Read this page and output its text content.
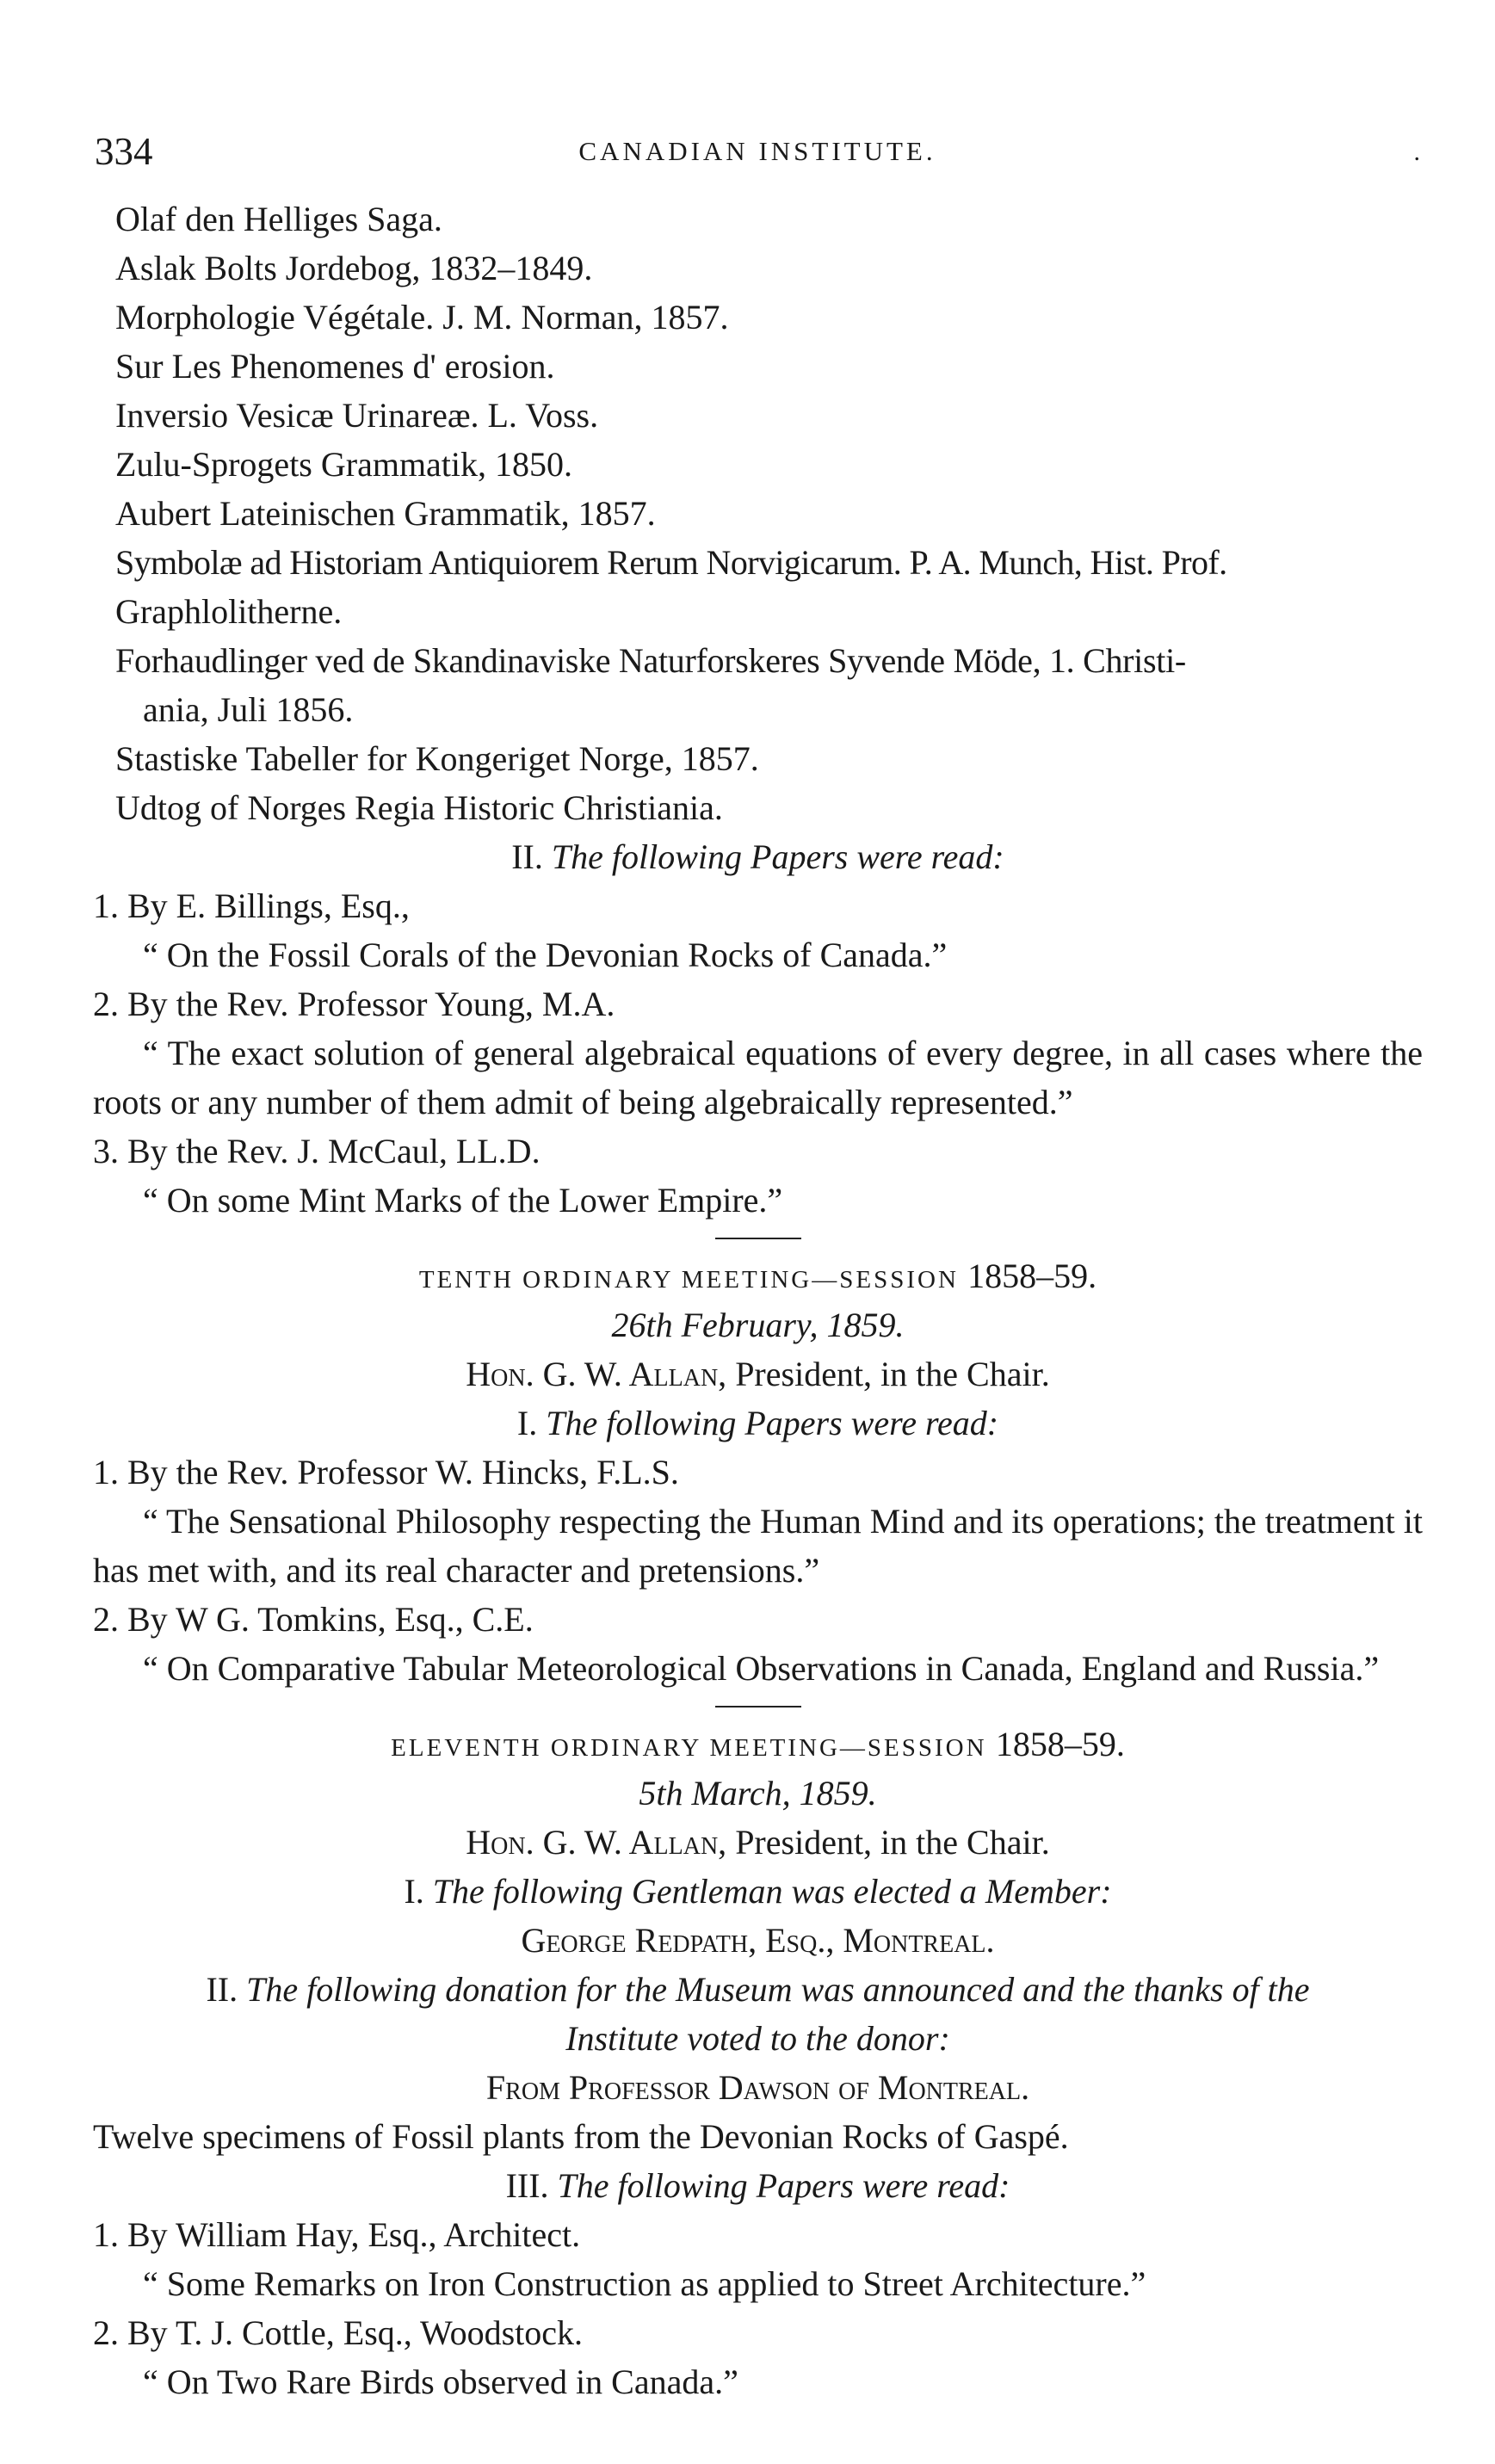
334	CANADIAN INSTITUTE.	.
Olaf den Helliges Saga.
Aslak Bolts Jordebog, 1832–1849.
Morphologie Végétale. J. M. Norman, 1857.
Sur Les Phenomenes d' erosion.
Inversio Vesicæ Urinareæ. L. Voss.
Zulu-Sprogets Grammatik, 1850.
Aubert Lateinischen Grammatik, 1857.
Symbolæ ad Historiam Antiquiorem Rerum Norvigicarum. P. A. Munch, Hist. Prof.
Graphlolitherne.
Forhaudlinger ved de Skandinaviske Naturforskeres Syvende Möde, 1. Christi-
ania, Juli 1856.
Stastiske Tabeller for Kongeriget Norge, 1857.
Udtog of Norges Regia Historic Christiania.
II. The following Papers were read:
1. By E. Billings, Esq.,
“ On the Fossil Corals of the Devonian Rocks of Canada.”
2. By the Rev. Professor Young, M.A.
“ The exact solution of general algebraical equations of every degree, in all cases where the roots or any number of them admit of being algebraically represented.”
3. By the Rev. J. McCaul, LL.D.
“ On some Mint Marks of the Lower Empire.”
TENTH ORDINARY MEETING—SESSION 1858–59.
26th February, 1859.
Hon. G. W. Allan, President, in the Chair.
I. The following Papers were read:
1. By the Rev. Professor W. Hincks, F.L.S.
“ The Sensational Philosophy respecting the Human Mind and its operations; the treatment it has met with, and its real character and pretensions.”
2. By W G. Tomkins, Esq., C.E.
“ On Comparative Tabular Meteorological Observations in Canada, England and Russia.”
ELEVENTH ORDINARY MEETING—SESSION 1858–59.
5th March, 1859.
Hon. G. W. Allan, President, in the Chair.
I. The following Gentleman was elected a Member:
George Redpath, Esq., Montreal.
II. The following donation for the Museum was announced and the thanks of the
Institute voted to the donor:
From Professor Dawson of Montreal.
Twelve specimens of Fossil plants from the Devonian Rocks of Gaspé.
III. The following Papers were read:
1. By William Hay, Esq., Architect.
“ Some Remarks on Iron Construction as applied to Street Architecture.”
2. By T. J. Cottle, Esq., Woodstock.
“ On Two Rare Birds observed in Canada.”
